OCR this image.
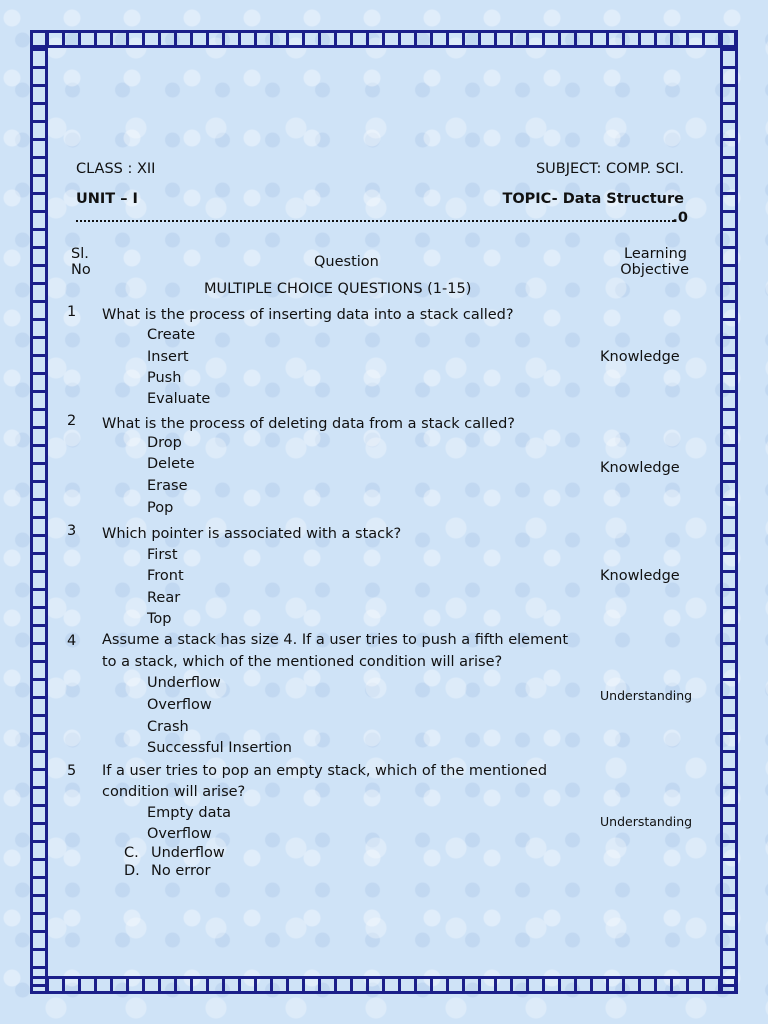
CLASS : XII	SUBJECT: COMP. SCI.
UNIT – I	TOPIC- Data Structure
.0
Sl.
No	Question	Learning
Objective
MULTIPLE CHOICE QUESTIONS (1-15)
1 What is the process of inserting data into a stack called?
Create
Insert
Push
Evaluate
Knowledge
2 What is the process of deleting data from a stack called?
Drop
Delete
Erase
Pop
Knowledge
3 Which pointer is associated with a stack?
First
Front
Rear
Top
Knowledge
4 Assume a stack has size 4. If a user tries to push a fifth element
to a stack, which of the mentioned condition will arise?
Underflow
Overflow
Crash
Successful Insertion
Understanding
5 If a user tries to pop an empty stack, which of the mentioned
condition will arise?
Empty data
Overflow
C. Underflow
D. No error
Understanding
